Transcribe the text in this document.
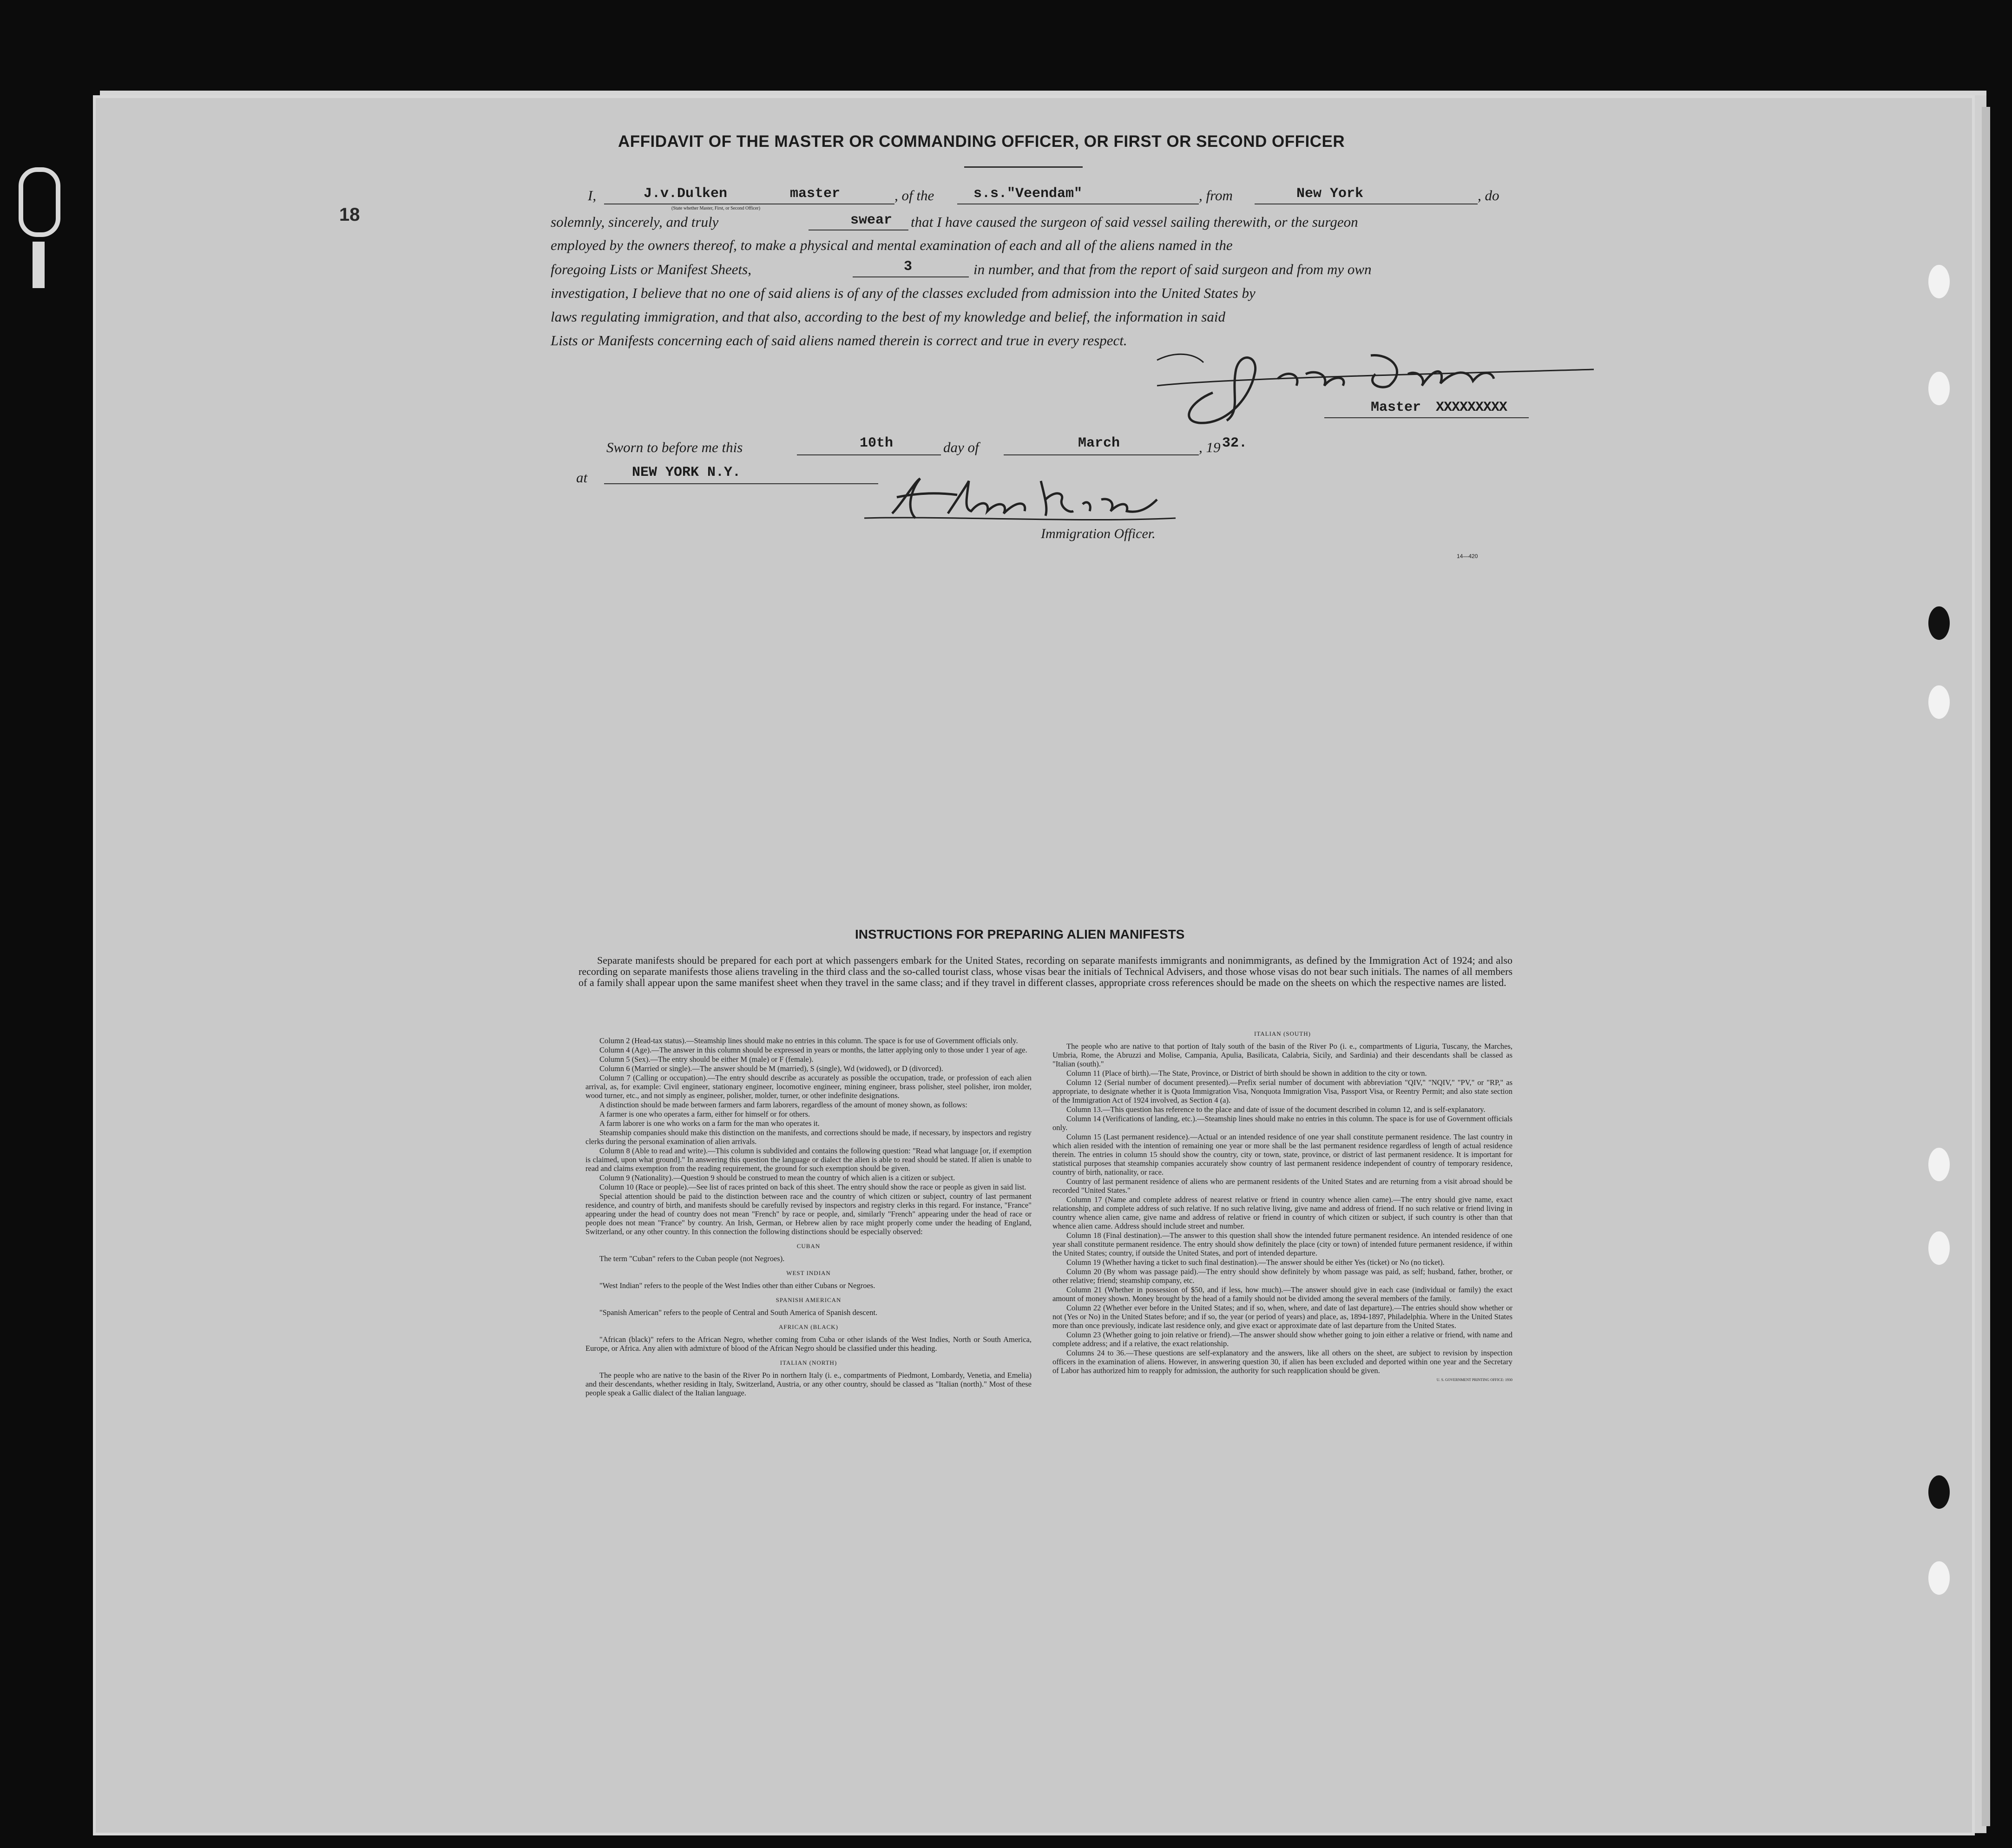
AFFIDAVIT OF THE MASTER OR COMMANDING OFFICER, OR FIRST OR SECOND OFFICER
18
I,	J.v.Dulken	master
(State whether Master, First, or Second Officer)
, of the	s.s."Veendam"	, from	New York	, do
solemnly, sincerely, and truly	swear that I have caused the surgeon of said vessel sailing therewith, or the surgeon
employed by the owners thereof, to make a physical and mental examination of each and all of the aliens named in the
foregoing Lists or Manifest Sheets,	3	in number, and that from the report of said surgeon and from my own
investigation, I believe that no one of said aliens is of any of the classes excluded from admission into the United States by
laws regulating immigration, and that also, according to the best of my knowledge and belief, the information in said
Lists or Manifests concerning each of said aliens named therein is correct and true in every respect.
Master XXXXXXXXX
Sworn to before me this	10th	day of	March	, 19 32.
at	NEW YORK N.Y.
Immigration Officer.
14—420
INSTRUCTIONS FOR PREPARING ALIEN MANIFESTS
Separate manifests should be prepared for each port at which passengers embark for the United States, recording on separate manifests immigrants and nonimmigrants, as defined by the Immigration Act of 1924; and also recording on separate manifests those aliens traveling in the third class and the so-called tourist class, whose visas bear the initials of Technical Advisers, and those whose visas do not bear such initials. The names of all members of a family shall appear upon the same manifest sheet when they travel in the same class; and if they travel in different classes, appropriate cross references should be made on the sheets on which the respective names are listed.

Column 2 (Head-tax status).—Steamship lines should make no entries in this column. The space is for use of Government officials only.

Column 4 (Age).—The answer in this column should be expressed in years or months, the latter applying only to those under 1 year of age.

Column 5 (Sex).—The entry should be either M (male) or F (female).

Column 6 (Married or single).—The answer should be M (married), S (single), Wd (widowed), or D (divorced).

Column 7 (Calling or occupation).—The entry should describe as accurately as possible the occupation, trade, or profession of each alien arrival, as, for example: Civil engineer, stationary engineer, locomotive engineer, mining engineer, brass polisher, steel polisher, iron molder, wood turner, etc., and not simply as engineer, polisher, molder, turner, or other indefinite designations.

A distinction should be made between farmers and farm laborers, regardless of the amount of money shown, as follows:

A farmer is one who operates a farm, either for himself or for others.

A farm laborer is one who works on a farm for the man who operates it.

Steamship companies should make this distinction on the manifests, and corrections should be made, if necessary, by inspectors and registry clerks during the personal examination of alien arrivals.

Column 8 (Able to read and write).—This column is subdivided and contains the following question: "Read what language [or, if exemption is claimed, upon what ground]." In answering this question the language or dialect the alien is able to read should be stated. If alien is unable to read and claims exemption from the reading requirement, the ground for such exemption should be given.

Column 9 (Nationality).—Question 9 should be construed to mean the country of which alien is a citizen or subject.

Column 10 (Race or people).—See list of races printed on back of this sheet. The entry should show the race or people as given in said list.

Special attention should be paid to the distinction between race and the country of which citizen or subject, country of last permanent residence, and country of birth, and manifests should be carefully revised by inspectors and registry clerks in this regard. For instance, "France" appearing under the head of country does not mean "French" by race or people, and, similarly "French" appearing under the head of race or people does not mean "France" by country. An Irish, German, or Hebrew alien by race might properly come under the heading of England, Switzerland, or any other country. In this connection the following distinctions should be especially observed:

CUBAN

The term "Cuban" refers to the Cuban people (not Negroes).

WEST INDIAN

"West Indian" refers to the people of the West Indies other than either Cubans or Negroes.

SPANISH AMERICAN

"Spanish American" refers to the people of Central and South America of Spanish descent.

AFRICAN (BLACK)

"African (black)" refers to the African Negro, whether coming from Cuba or other islands of the West Indies, North or South America, Europe, or Africa. Any alien with admixture of blood of the African Negro should be classified under this heading.

ITALIAN (NORTH)

The people who are native to the basin of the River Po in northern Italy (i. e., compartments of Piedmont, Lombardy, Venetia, and Emelia) and their descendants, whether residing in Italy, Switzerland, Austria, or any other country, should be classed as "Italian (north)." Most of these people speak a Gallic dialect of the Italian language.

ITALIAN (SOUTH)

The people who are native to that portion of Italy south of the basin of the River Po (i. e., compartments of Liguria, Tuscany, the Marches, Umbria, Rome, the Abruzzi and Molise, Campania, Apulia, Basilicata, Calabria, Sicily, and Sardinia) and their descendants shall be classed as "Italian (south)."

Column 11 (Place of birth).—The State, Province, or District of birth should be shown in addition to the city or town.

Column 12 (Serial number of document presented).—Prefix serial number of document with abbreviation "QIV," "NQIV," "PV," or "RP," as appropriate, to designate whether it is Quota Immigration Visa, Nonquota Immigration Visa, Passport Visa, or Reentry Permit; and also state section of the Immigration Act of 1924 involved, as Section 4 (a).

Column 13.—This question has reference to the place and date of issue of the document described in column 12, and is self-explanatory.

Column 14 (Verifications of landing, etc.).—Steamship lines should make no entries in this column. The space is for use of Government officials only.

Column 15 (Last permanent residence).—Actual or an intended residence of one year shall constitute permanent residence. The last country in which alien resided with the intention of remaining one year or more shall be the last permanent residence regardless of length of actual residence therein. The entries in column 15 should show the country, city or town, state, province, or district of last permanent residence. It is important for statistical purposes that steamship companies accurately show country of last permanent residence independent of country of temporary residence, country of birth, nationality, or race.

Country of last permanent residence of aliens who are permanent residents of the United States and are returning from a visit abroad should be recorded "United States."

Column 17 (Name and complete address of nearest relative or friend in country whence alien came).—The entry should give name, exact relationship, and complete address of such relative. If no such relative living, give name and address of friend. If no such relative or friend living in country whence alien came, give name and address of relative or friend in country of which citizen or subject, if such country is other than that whence alien came. Address should include street and number.

Column 18 (Final destination).—The answer to this question shall show the intended future permanent residence. An intended residence of one year shall constitute permanent residence. The entry should show definitely the place (city or town) of intended future permanent residence, if within the United States; country, if outside the United States, and port of intended departure.

Column 19 (Whether having a ticket to such final destination).—The answer should be either Yes (ticket) or No (no ticket).

Column 20 (By whom was passage paid).—The entry should show definitely by whom passage was paid, as self; husband, father, brother, or other relative; friend; steamship company, etc.

Column 21 (Whether in possession of $50, and if less, how much).—The answer should give in each case (individual or family) the exact amount of money shown. Money brought by the head of a family should not be divided among the several members of the family.

Column 22 (Whether ever before in the United States; and if so, when, where, and date of last departure).—The entries should show whether or not (Yes or No) in the United States before; and if so, the year (or period of years) and place, as, 1894-1897, Philadelphia. Where in the United States more than once previously, indicate last residence only, and give exact or approximate date of last departure from the United States.

Column 23 (Whether going to join relative or friend).—The answer should show whether going to join either a relative or friend, with name and complete address; and if a relative, the exact relationship.

Columns 24 to 36.—These questions are self-explanatory and the answers, like all others on the sheet, are subject to revision by inspection officers in the examination of aliens. However, in answering question 30, if alien has been excluded and deported within one year and the Secretary of Labor has authorized him to reapply for admission, the authority for such reapplication should be given.

U. S. GOVERNMENT PRINTING OFFICE: 1930
